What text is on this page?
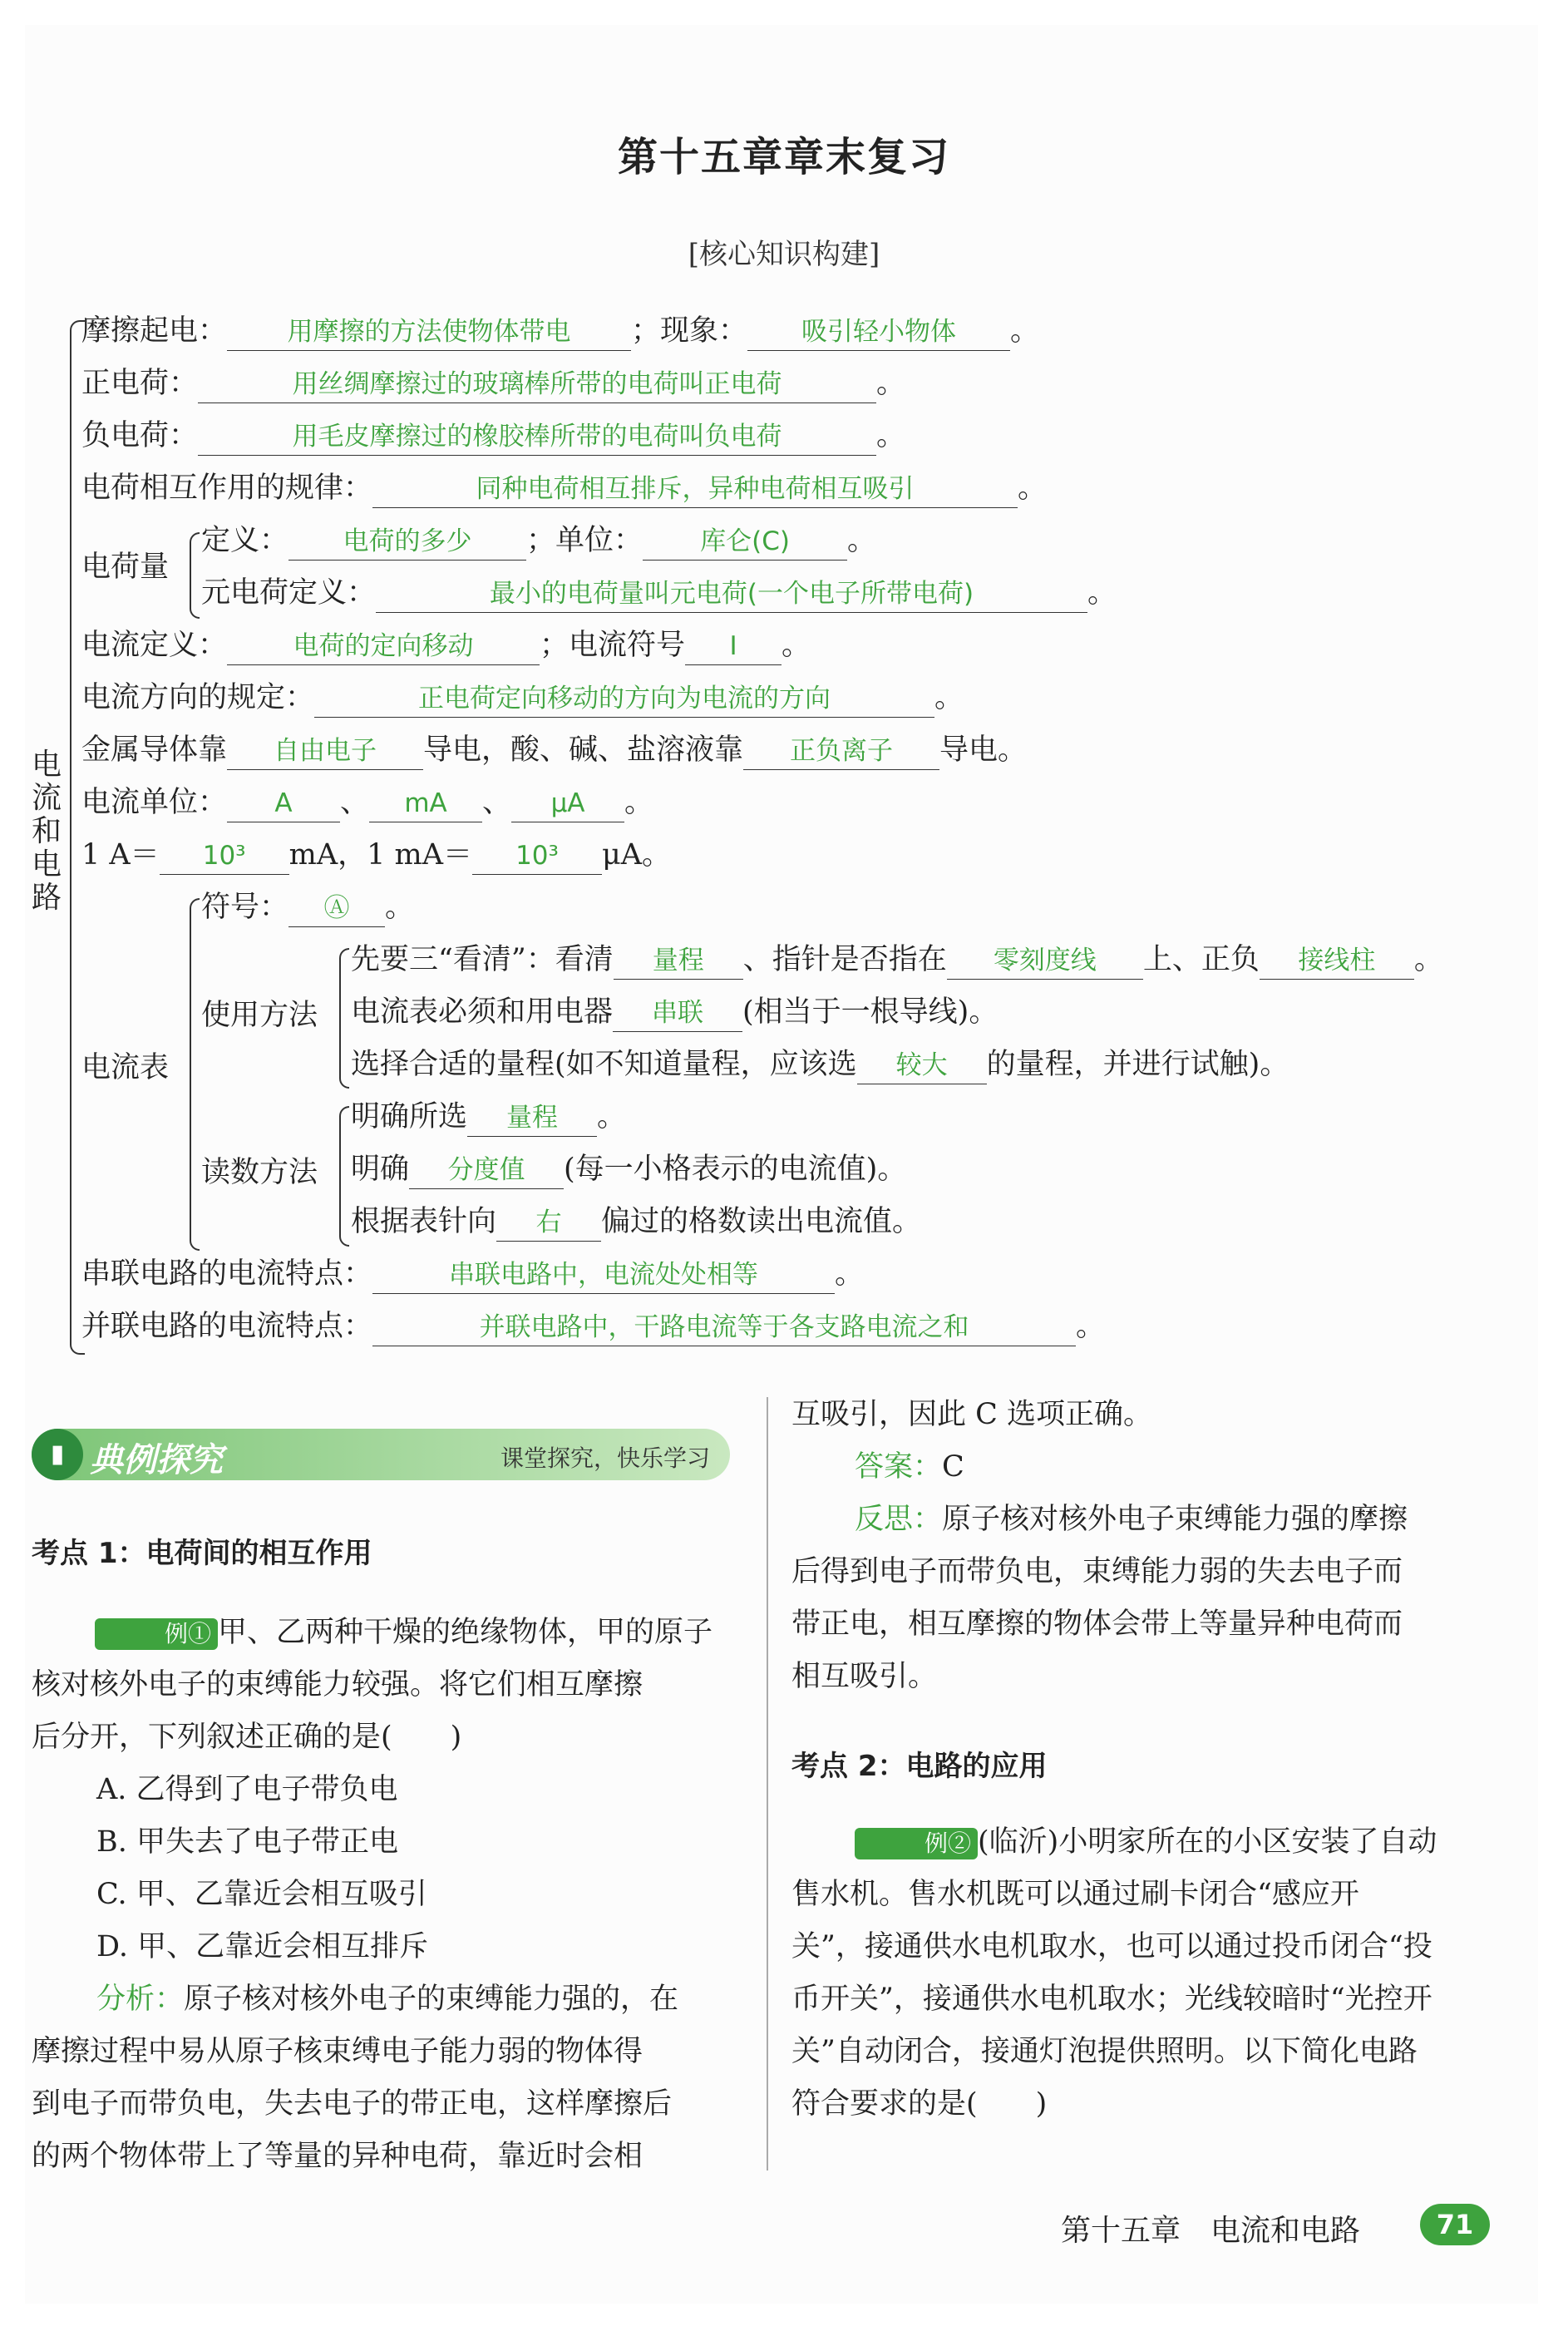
第十五章章末复习
[核心知识构建]
电
流
和
电
路
摩擦起电： 用摩擦的方法使物体带电 ；现象： 吸引轻小物体 。
正电荷：	用丝绸摩擦过的玻璃棒所带的电荷叫正电荷	。
负电荷：	用毛皮摩擦过的橡胶棒所带的电荷叫负电荷	。
电荷相互作用的规律：	同种电荷相互排斥，异种电荷相互吸引	。
电荷量
定义： 电荷的多少 ；单位： 库仑(C) 。
元电荷定义：	最小的电荷量叫元电荷(一个电子所带电荷)	。
电流定义：	电荷的定向移动 ；电流符号 I 。
电流方向的规定：	正电荷定向移动的方向为电流的方向	。
金属导体靠 自由电子 导电，酸、碱、盐溶液靠 正负离子 导电。
电流单位： A 、 mA 、 μA 。
1 A＝ 10³ mA，1 mA＝ 10³ μA。
电流表
符号： Ⓐ 。
使用方法
先要三“看清”：看清 量程 、指针是否指在 零刻度线 上、正负 接线柱 。
电流表必须和用电器 串联 (相当于一根导线)。
选择合适的量程(如不知道量程，应该选 较大 的量程，并进行试触)。
读数方法
明确所选 量程 。
明确 分度值 (每一小格表示的电流值)。
根据表针向 右 偏过的格数读出电流值。
串联电路的电流特点：	串联电路中，电流处处相等	。
并联电路的电流特点：	并联电路中，干路电流等于各支路电流之和	。
▮ 典例探究	课堂探究，快乐学习
考点 1：电荷间的相互作用
例① 甲、乙两种干燥的绝缘物体，甲的原子
核对核外电子的束缚能力较强。将它们相互摩擦
后分开，下列叙述正确的是(　　)
A. 乙得到了电子带负电
B. 甲失去了电子带正电
C. 甲、乙靠近会相互吸引
D. 甲、乙靠近会相互排斥
分析：原子核对核外电子的束缚能力强的，在
摩擦过程中易从原子核束缚电子能力弱的物体得
到电子而带负电，失去电子的带正电，这样摩擦后
的两个物体带上了等量的异种电荷，靠近时会相
互吸引，因此 C 选项正确。
答案：C
反思：原子核对核外电子束缚能力强的摩擦
后得到电子而带负电，束缚能力弱的失去电子而
带正电，相互摩擦的物体会带上等量异种电荷而
相互吸引。
考点 2：电路的应用
例② (临沂)小明家所在的小区安装了自动
售水机。售水机既可以通过刷卡闭合“感应开
关”，接通供水电机取水，也可以通过投币闭合“投
币开关”，接通供水电机取水；光线较暗时“光控开
关”自动闭合，接通灯泡提供照明。以下简化电路
符合要求的是(　　)
第十五章　电流和电路	71
